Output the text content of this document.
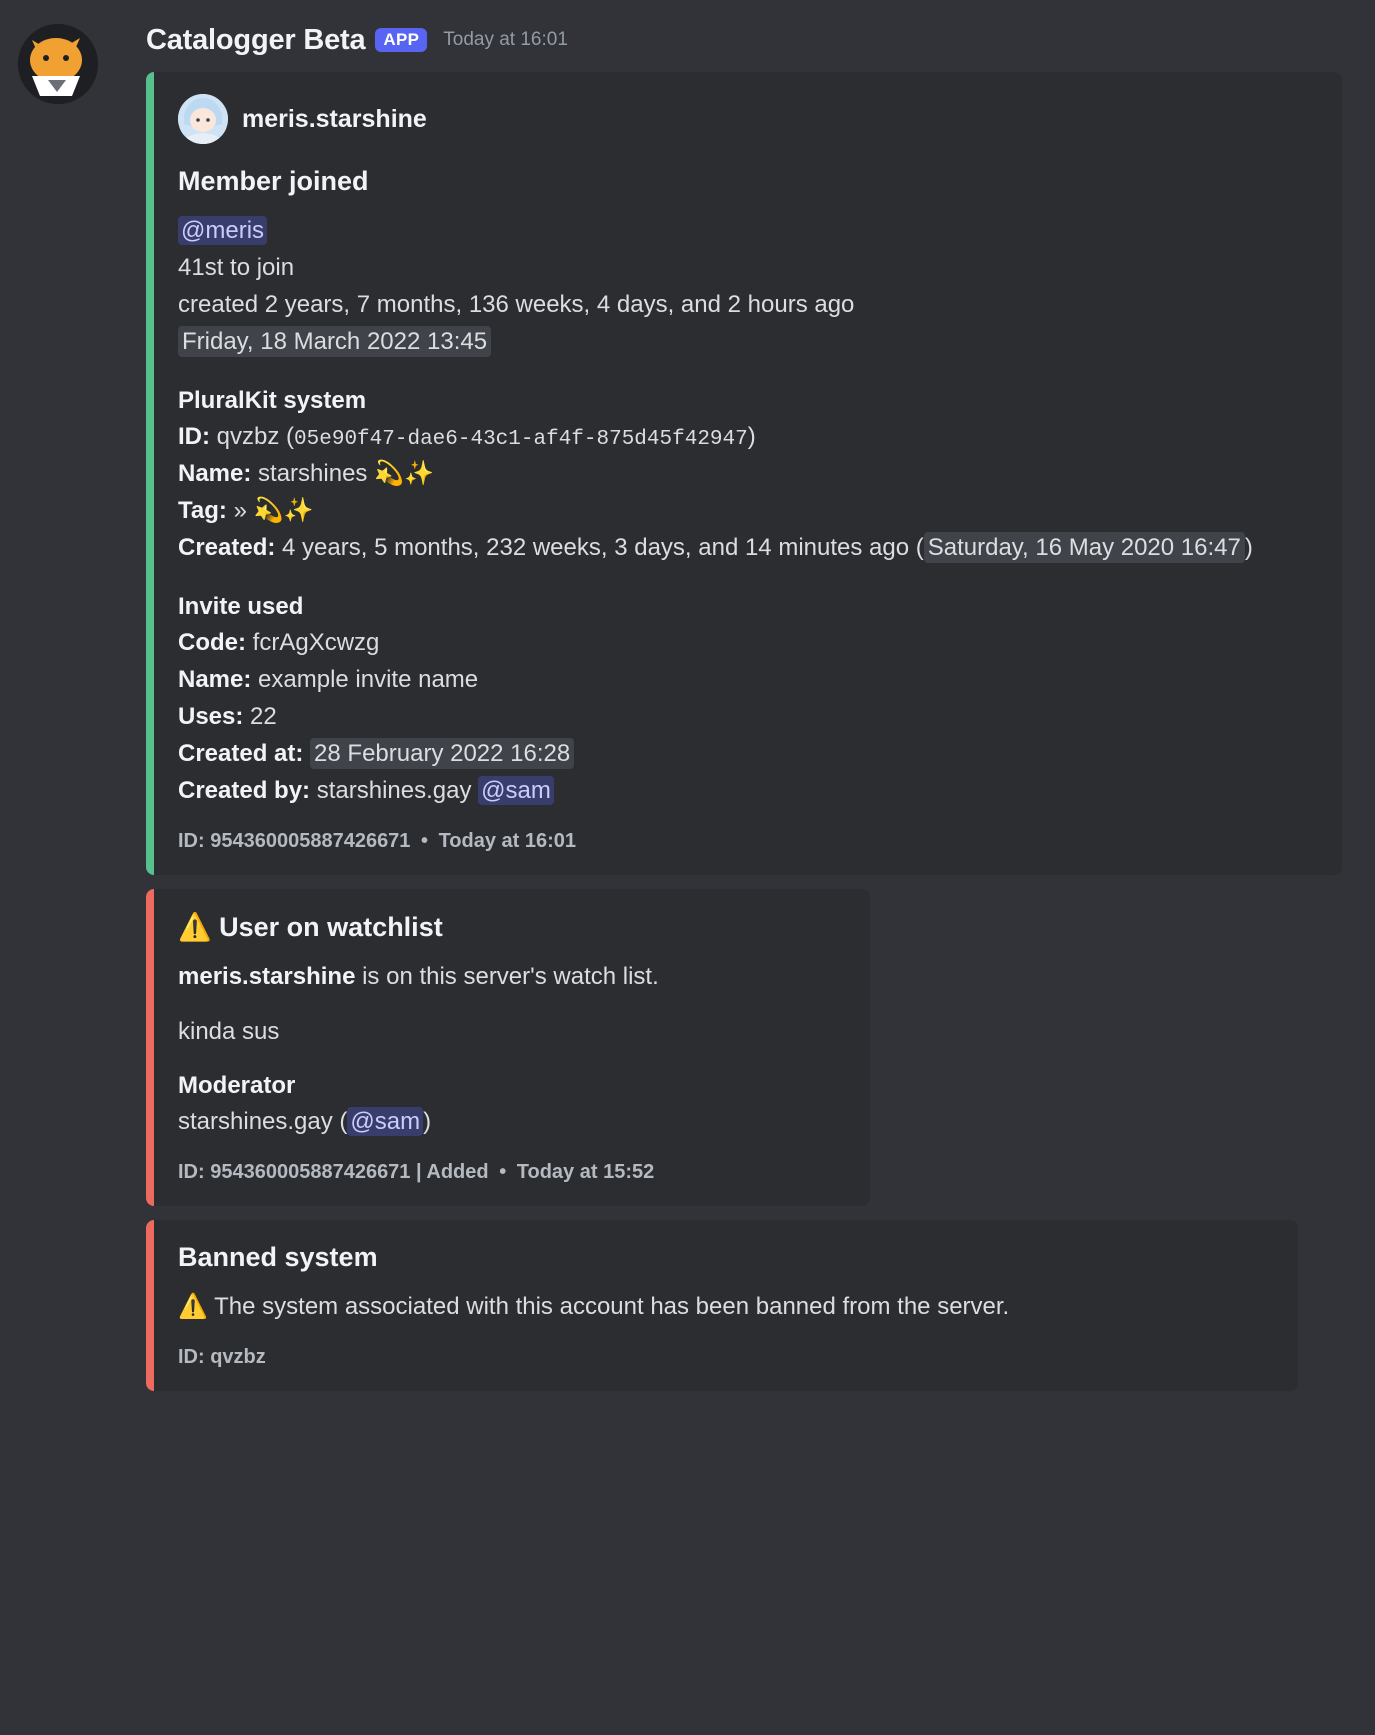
Catalogger Beta	APP	Today at 16:01
meris.starshine
Member joined
@meris
41st to join
created 2 years, 7 months, 136 weeks, 4 days, and 2 hours ago
Friday, 18 March 2022 13:45
PluralKit system
ID: qvzbz (05e90f47-dae6-43c1-af4f-875d45f42947)
Name: starshines 💫✨
Tag: » 💫✨
Created: 4 years, 5 months, 232 weeks, 3 days, and 14 minutes ago ( Saturday, 16 May 2020 16:47 )
Invite used
Code: fcrAgXcwzg
Name: example invite name
Uses: 22
Created at: 28 February 2022 16:28
Created by: starshines.gay @sam
ID: 954360005887426671 • Today at 16:01
⚠️ User on watchlist
meris.starshine is on this server's watch list.
kinda sus
Moderator
starshines.gay ( @sam )
ID: 954360005887426671 | Added • Today at 15:52
Banned system
⚠️ The system associated with this account has been banned from the server.
ID: qvzbz
